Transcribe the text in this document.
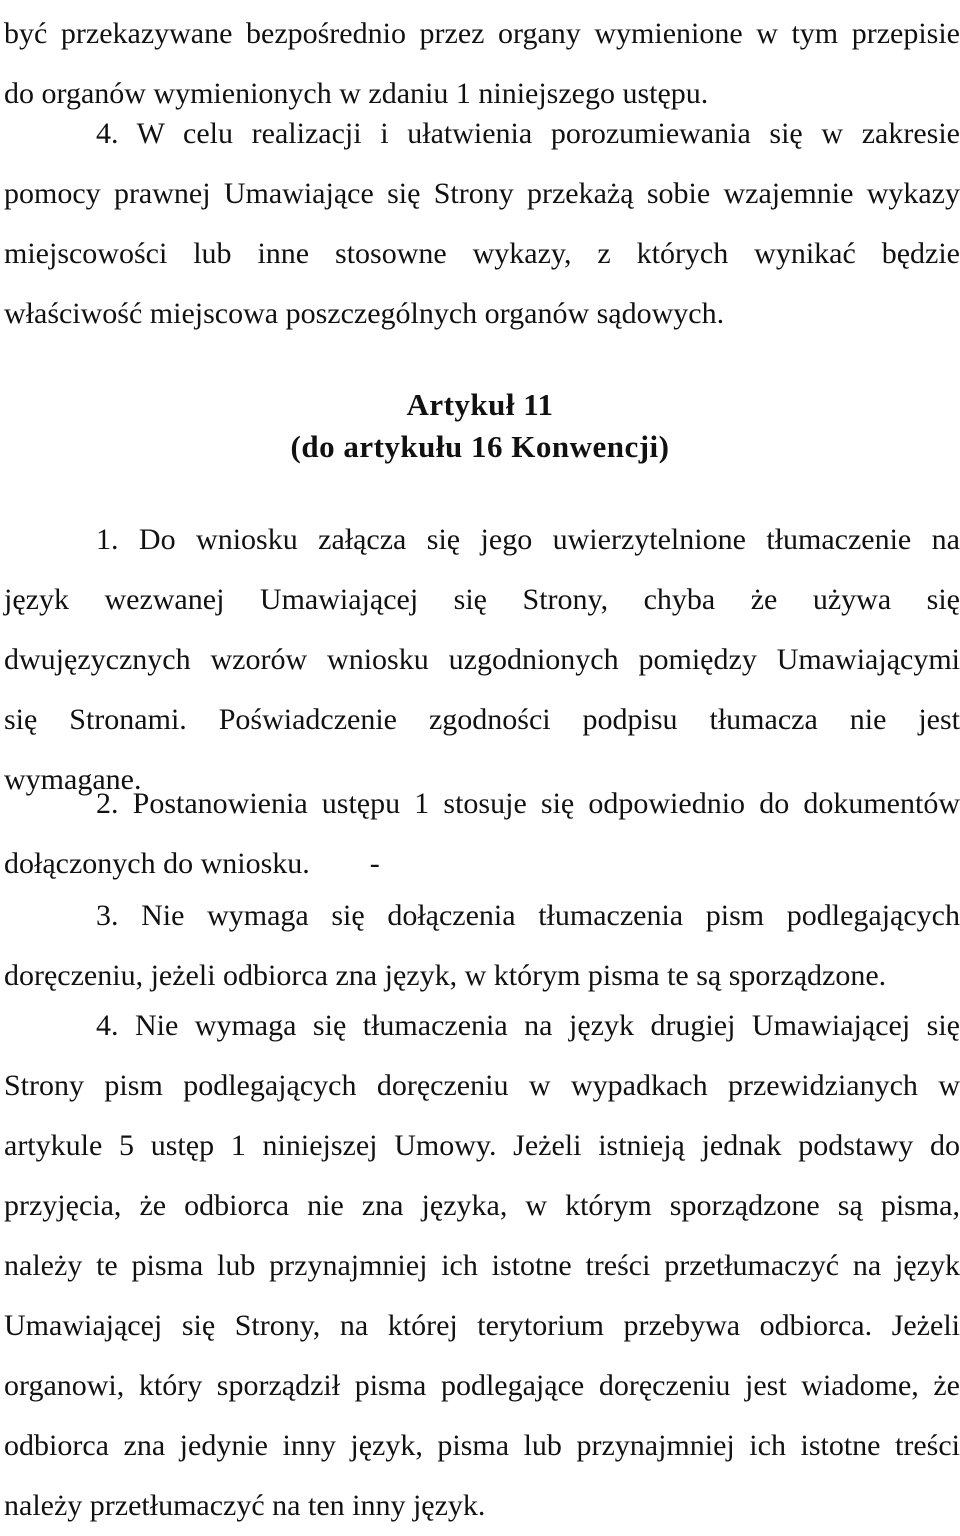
być przekazywane bezpośrednio przez organy wymienione w tym przepisie
do organów wymienionych w zdaniu 1 niniejszego ustępu.
4. W celu realizacji i ułatwienia porozumiewania się w zakresie
pomocy prawnej Umawiające się Strony przekażą sobie wzajemnie wykazy
miejscowości lub inne stosowne wykazy, z których wynikać będzie
właściwość miejscowa poszczególnych organów sądowych.
Artykuł 11
(do artykułu 16 Konwencji)
1. Do wniosku załącza się jego uwierzytelnione tłumaczenie na
język wezwanej Umawiającej się Strony, chyba że używa się
dwujęzycznych wzorów wniosku uzgodnionych pomiędzy Umawiającymi
się Stronami. Poświadczenie zgodności podpisu tłumacza nie jest
wymagane.
2. Postanowienia ustępu 1 stosuje się odpowiednio do dokumentów
dołączonych do wniosku. -
3. Nie wymaga się dołączenia tłumaczenia pism podlegających
doręczeniu, jeżeli odbiorca zna język, w którym pisma te są sporządzone.
4. Nie wymaga się tłumaczenia na język drugiej Umawiającej się
Strony pism podlegających doręczeniu w wypadkach przewidzianych w
artykule 5 ustęp 1 niniejszej Umowy. Jeżeli istnieją jednak podstawy do
przyjęcia, że odbiorca nie zna języka, w którym sporządzone są pisma,
należy te pisma lub przynajmniej ich istotne treści przetłumaczyć na język
Umawiającej się Strony, na której terytorium przebywa odbiorca. Jeżeli
organowi, który sporządził pisma podlegające doręczeniu jest wiadome, że
odbiorca zna jedynie inny język, pisma lub przynajmniej ich istotne treści
należy przetłumaczyć na ten inny język.
